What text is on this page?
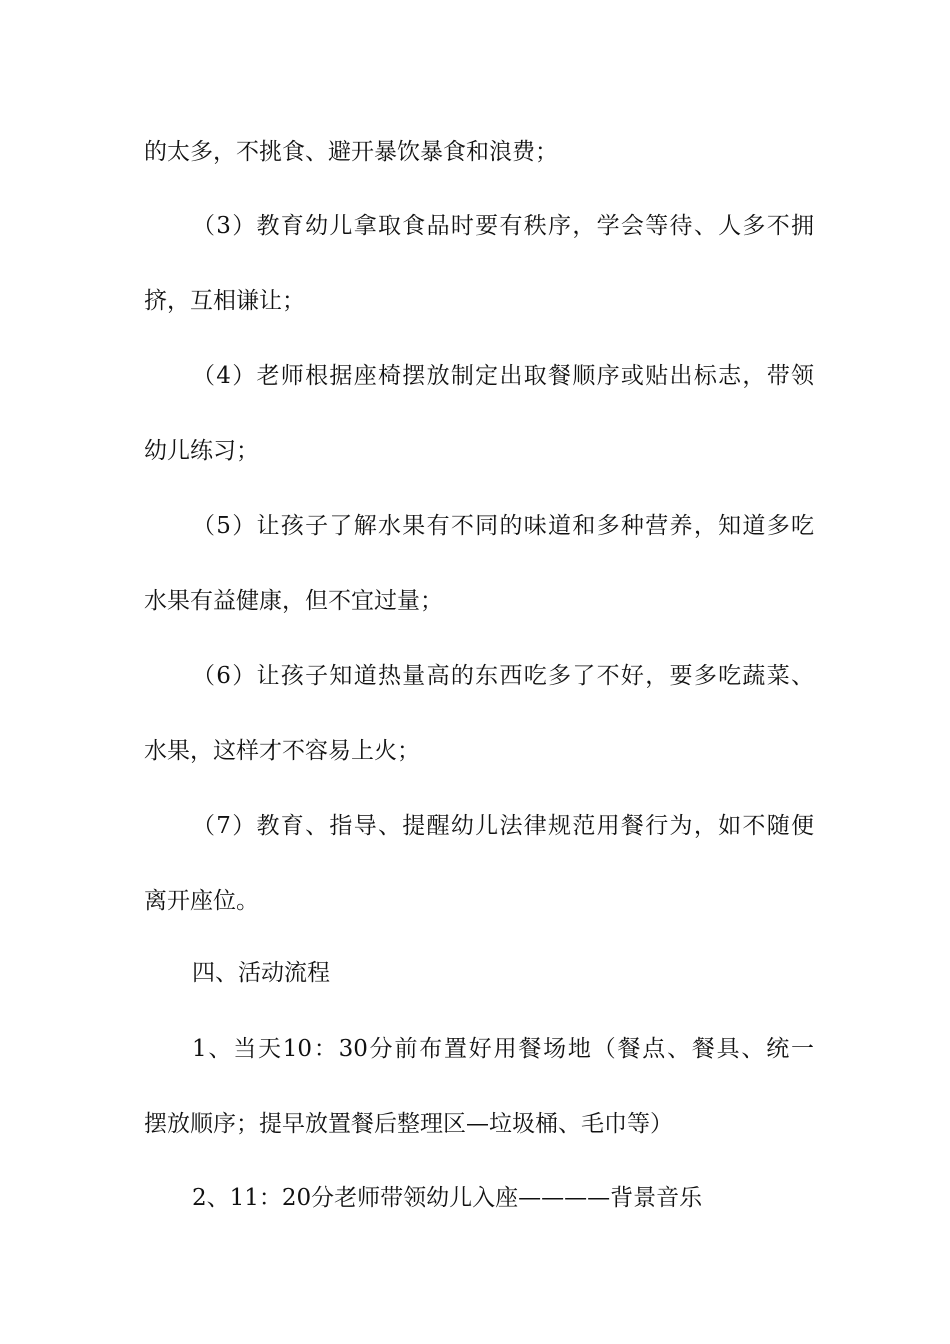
的太多，不挑食、避开暴饮暴食和浪费；
（3）教育幼儿拿取食品时要有秩序，学会等待、人多不拥
挤，互相谦让；
（4）老师根据座椅摆放制定出取餐顺序或贴出标志，带领
幼儿练习；
（5）让孩子了解水果有不同的味道和多种营养，知道多吃
水果有益健康，但不宜过量；
（6）让孩子知道热量高的东西吃多了不好，要多吃蔬菜、
水果，这样才不容易上火；
（7）教育、指导、提醒幼儿法律规范用餐行为，如不随便
离开座位。
四、活动流程
1、当天10：30分前布置好用餐场地（餐点、餐具、统一
摆放顺序；提早放置餐后整理区—垃圾桶、毛巾等）
2、11：20分老师带领幼儿入座————背景音乐
